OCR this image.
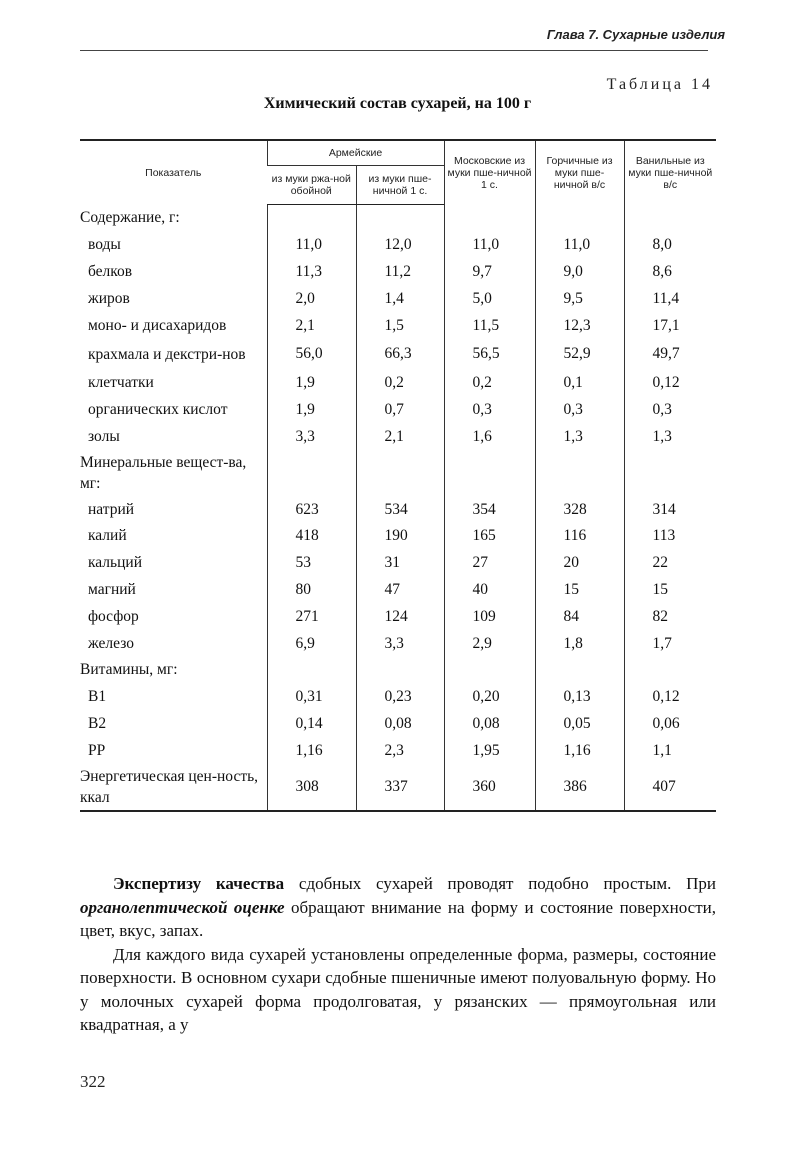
Глава 7. Сухарные изделия
Таблица 14
Химический состав сухарей, на 100 г
Показатель	Армейские		Московские из муки пше-ничной 1 с.	Горчичные из муки пше-ничной в/с	Ванильные из муки пше-ничной в/с
	из муки ржа-ной обойной	из муки пше-ничной 1 с.			
Содержание, г:					
воды	11,0	12,0	11,0	11,0	8,0
белков	11,3	11,2	9,7	9,0	8,6
жиров	2,0	1,4	5,0	9,5	11,4
моно- и дисахаридов	2,1	1,5	11,5	12,3	17,1
крахмала и декстри-нов	56,0	66,3	56,5	52,9	49,7
клетчатки	1,9	0,2	0,2	0,1	0,12
органических кислот	1,9	0,7	0,3	0,3	0,3
золы	3,3	2,1	1,6	1,3	1,3
Минеральные вещест-ва, мг:					
натрий	623	534	354	328	314
калий	418	190	165	116	113
кальций	53	31	27	20	22
магний	80	47	40	15	15
фосфор	271	124	109	84	82
железо	6,9	3,3	2,9	1,8	1,7
Витамины, мг:					
B1	0,31	0,23	0,20	0,13	0,12
B2	0,14	0,08	0,08	0,05	0,06
PP	1,16	2,3	1,95	1,16	1,1
Энергетическая цен-ность, ккал	308	337	360	386	407

Экспертизу качества сдобных сухарей проводят подобно простым. При органолептической оценке обращают внимание на форму и состояние поверхности, цвет, вкус, запах.

Для каждого вида сухарей установлены определенные форма, размеры, состояние поверхности. В основном сухари сдобные пшеничные имеют полуовальную форму. Но у молочных сухарей форма продолговатая, у рязанских — прямоугольная или квадратная, а у

322
